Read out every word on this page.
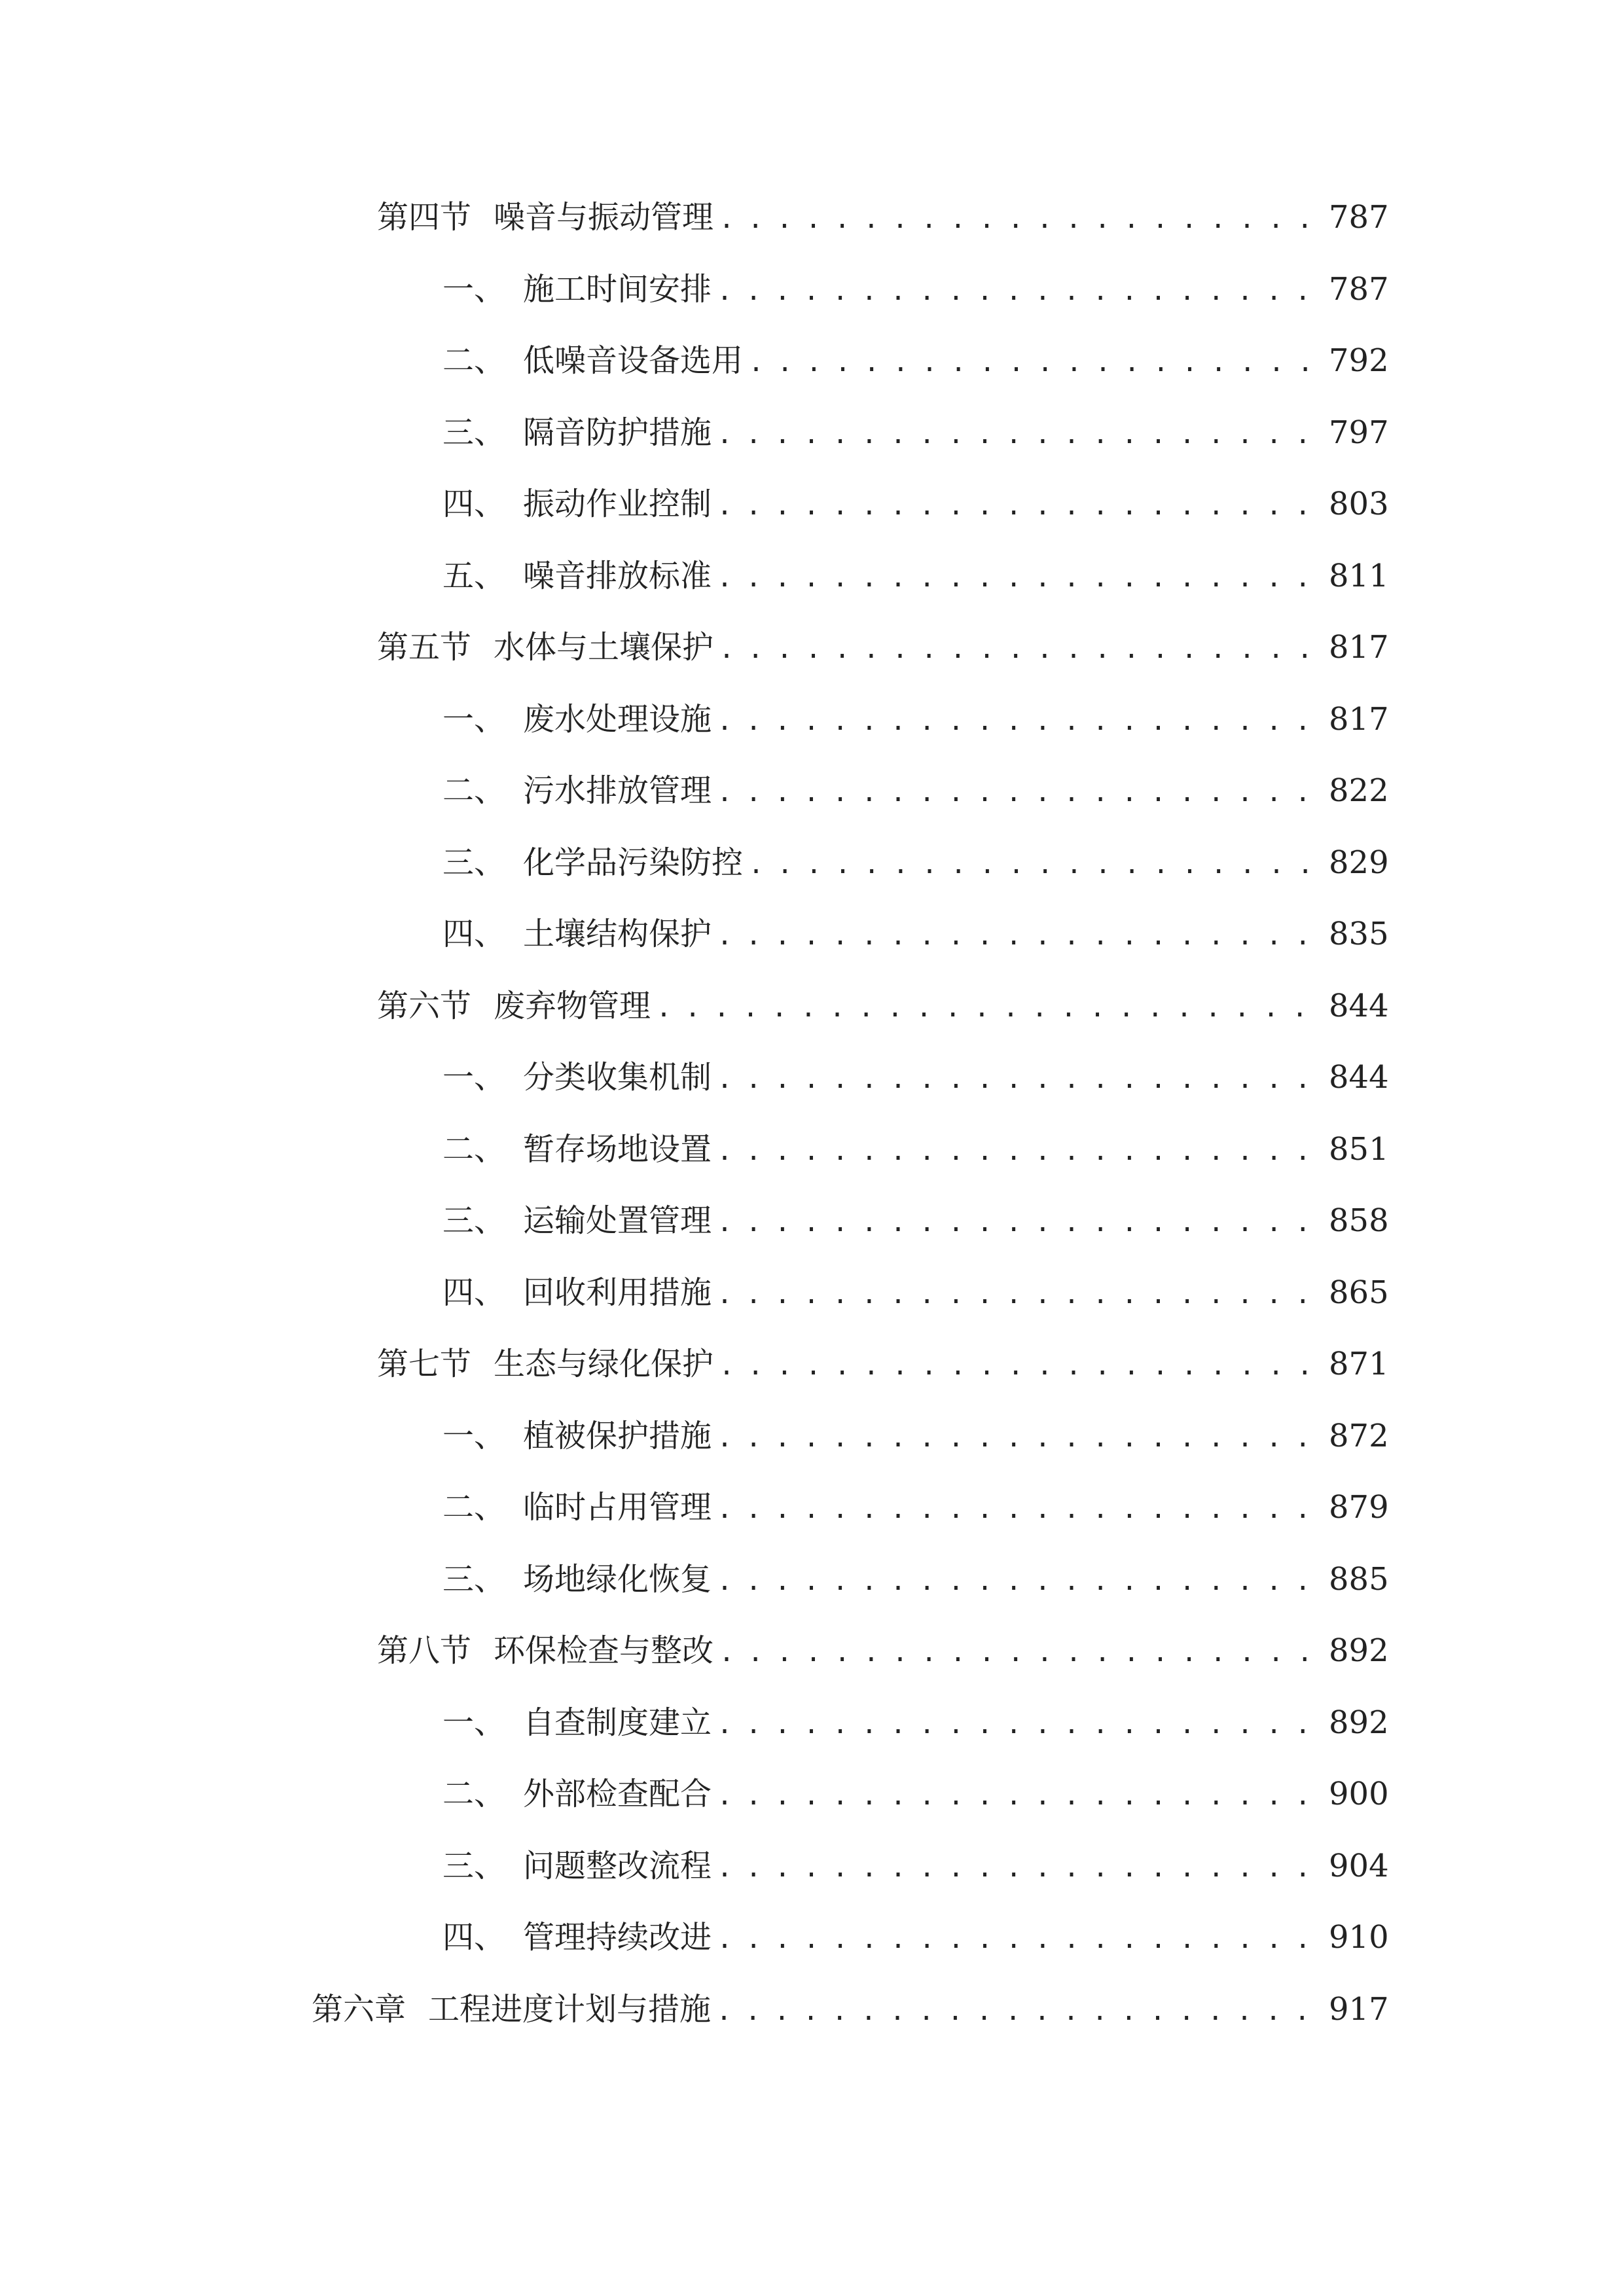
第四节 噪音与振动管理 . . .	787
一、 施工时间安排 . . .	787
二、 低噪音设备选用 . . .	792
三、 隔音防护措施 . . .	797
四、 振动作业控制 . . .	803
五、 噪音排放标准 . . .	811
第五节 水体与土壤保护 . . .	817
一、 废水处理设施 . . .	817
二、 污水排放管理 . . .	822
三、 化学品污染防控 . . .	829
四、 土壤结构保护 . . .	835
第六节 废弃物管理 . . .	844
一、 分类收集机制 . . .	844
二、 暂存场地设置 . . .	851
三、 运输处置管理 . . .	858
四、 回收利用措施 . . .	865
第七节 生态与绿化保护 . . .	871
一、 植被保护措施 . . .	872
二、 临时占用管理 . . .	879
三、 场地绿化恢复 . . .	885
第八节 环保检查与整改 . . .	892
一、 自查制度建立 . . .	892
二、 外部检查配合 . . .	900
三、 问题整改流程 . . .	904
四、 管理持续改进 . . .	910
第六章 工程进度计划与措施 . . .	917
